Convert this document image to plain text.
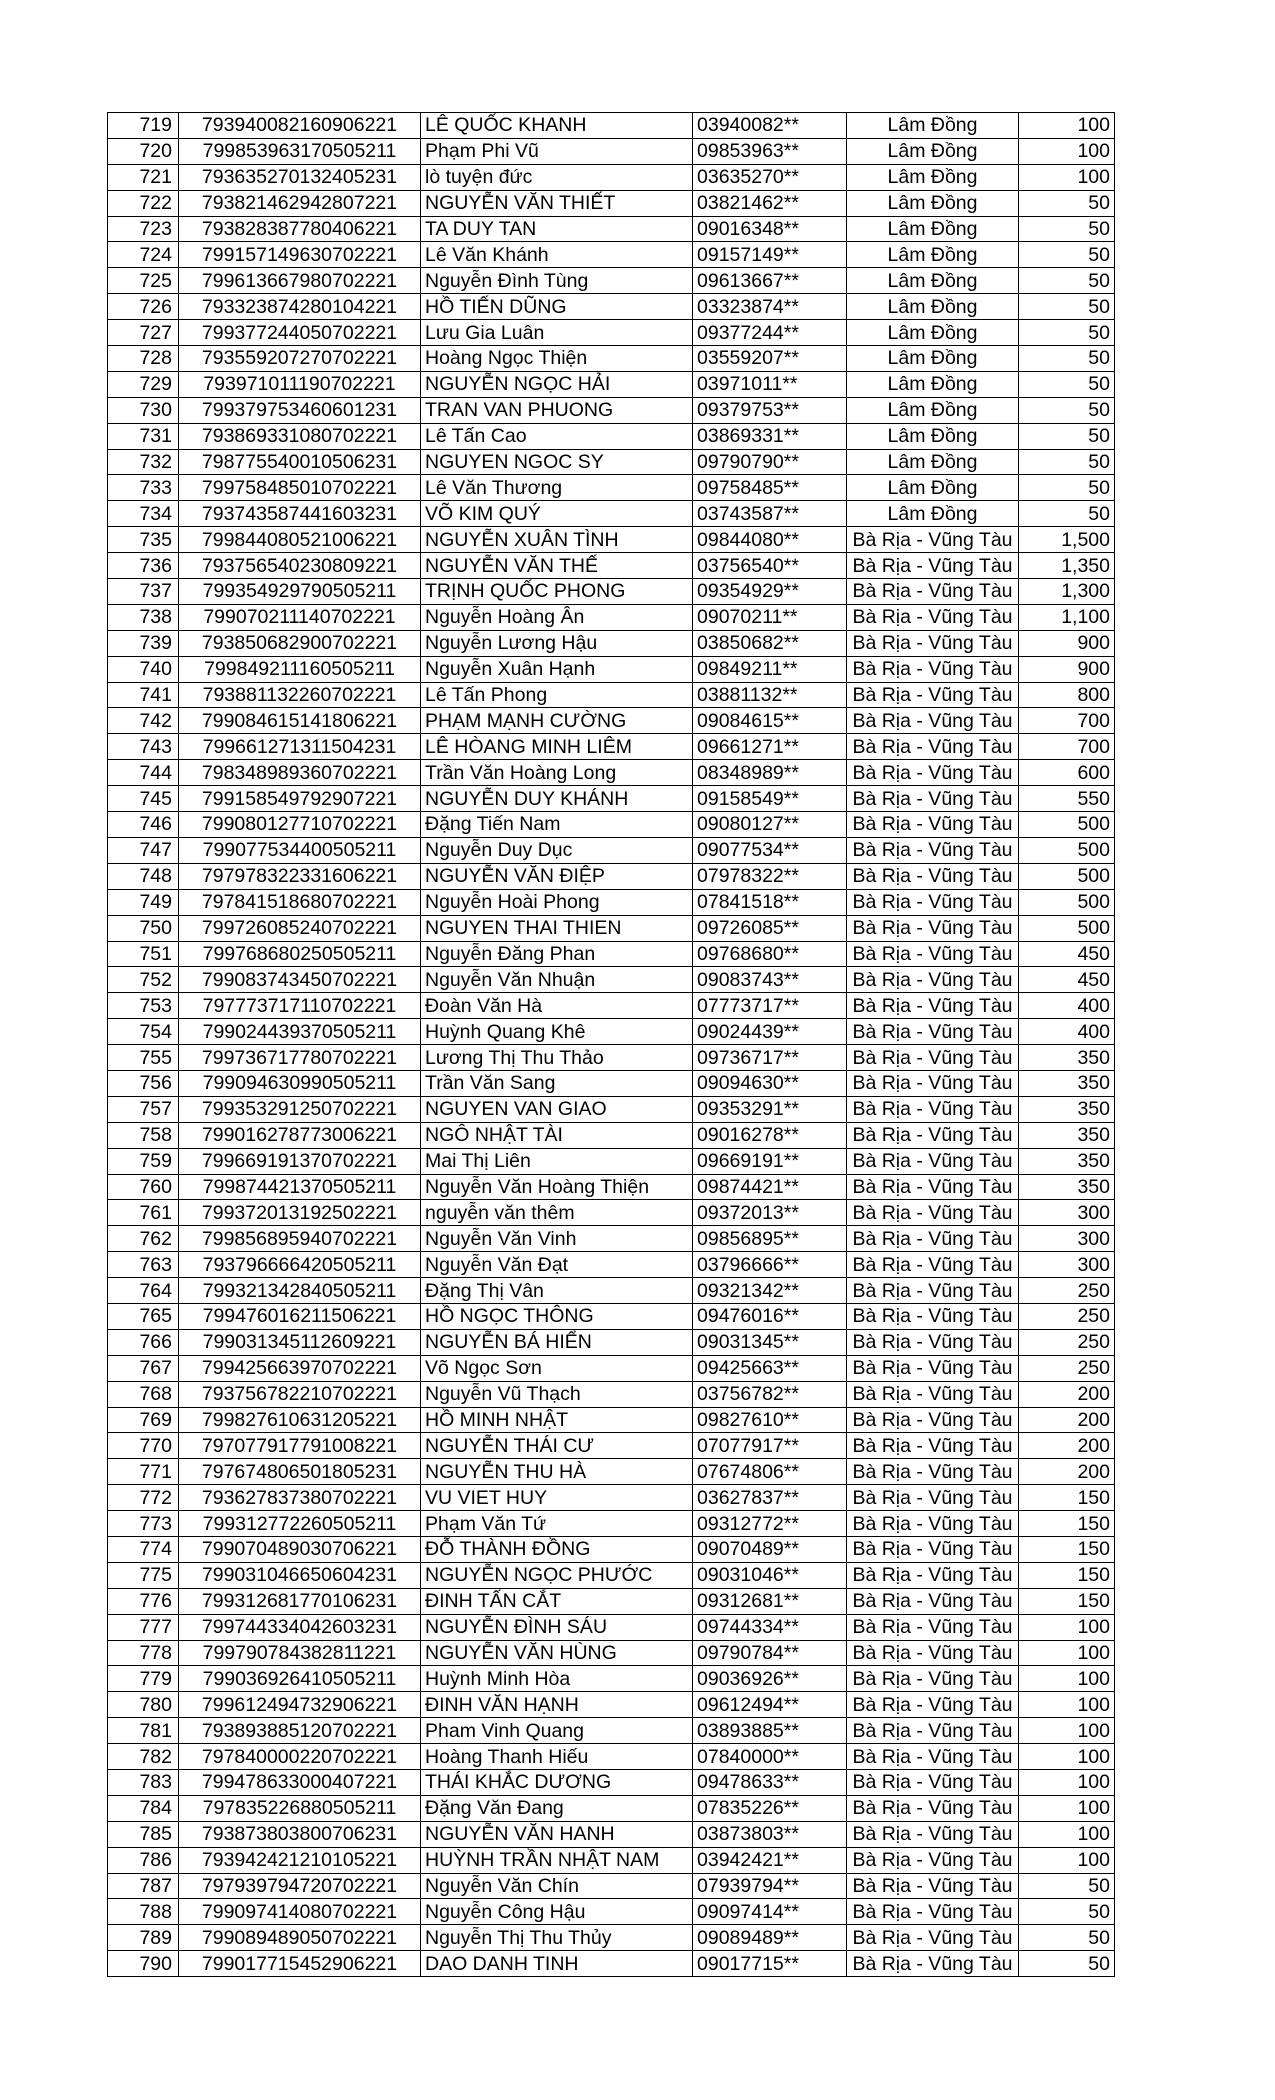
719	793940082160906221	LÊ QUỐC KHANH	03940082**	Lâm Đồng	100
720	799853963170505211	Phạm Phi Vũ	09853963**	Lâm Đồng	100
721	793635270132405231	lò tuyện đức	03635270**	Lâm Đồng	100
722	793821462942807221	NGUYỄN VĂN THIẾT	03821462**	Lâm Đồng	50
723	793828387780406221	TA DUY TAN	09016348**	Lâm Đồng	50
724	799157149630702221	Lê Văn Khánh	09157149**	Lâm Đồng	50
725	799613667980702221	Nguyễn Đình Tùng	09613667**	Lâm Đồng	50
726	793323874280104221	HỒ TIẾN DŨNG	03323874**	Lâm Đồng	50
727	799377244050702221	Lưu Gia Luân	09377244**	Lâm Đồng	50
728	793559207270702221	Hoàng Ngọc Thiện	03559207**	Lâm Đồng	50
729	793971011190702221	NGUYỄN NGỌC HẢI	03971011**	Lâm Đồng	50
730	799379753460601231	TRAN VAN PHUONG	09379753**	Lâm Đồng	50
731	793869331080702221	Lê Tấn Cao	03869331**	Lâm Đồng	50
732	798775540010506231	NGUYEN NGOC SY	09790790**	Lâm Đồng	50
733	799758485010702221	Lê Văn Thương	09758485**	Lâm Đồng	50
734	793743587441603231	VÕ KIM QUÝ	03743587**	Lâm Đồng	50
735	799844080521006221	NGUYỄN XUÂN TÌNH	09844080**	Bà Rịa - Vũng Tàu	1,500
736	793756540230809221	NGUYỄN VĂN THẾ	03756540**	Bà Rịa - Vũng Tàu	1,350
737	799354929790505211	TRỊNH QUỐC PHONG	09354929**	Bà Rịa - Vũng Tàu	1,300
738	799070211140702221	Nguyễn Hoàng Ân	09070211**	Bà Rịa - Vũng Tàu	1,100
739	793850682900702221	Nguyễn Lương Hậu	03850682**	Bà Rịa - Vũng Tàu	900
740	799849211160505211	Nguyễn Xuân Hạnh	09849211**	Bà Rịa - Vũng Tàu	900
741	793881132260702221	Lê Tấn Phong	03881132**	Bà Rịa - Vũng Tàu	800
742	799084615141806221	PHẠM MẠNH CƯỜNG	09084615**	Bà Rịa - Vũng Tàu	700
743	799661271311504231	LÊ HÒANG MINH LIÊM	09661271**	Bà Rịa - Vũng Tàu	700
744	798348989360702221	Trần Văn Hoàng Long	08348989**	Bà Rịa - Vũng Tàu	600
745	799158549792907221	NGUYỄN DUY KHÁNH	09158549**	Bà Rịa - Vũng Tàu	550
746	799080127710702221	Đặng Tiến Nam	09080127**	Bà Rịa - Vũng Tàu	500
747	799077534400505211	Nguyễn Duy Dục	09077534**	Bà Rịa - Vũng Tàu	500
748	797978322331606221	NGUYỄN VĂN ĐIỆP	07978322**	Bà Rịa - Vũng Tàu	500
749	797841518680702221	Nguyễn Hoài Phong	07841518**	Bà Rịa - Vũng Tàu	500
750	799726085240702221	NGUYEN THAI THIEN	09726085**	Bà Rịa - Vũng Tàu	500
751	799768680250505211	Nguyễn Đăng Phan	09768680**	Bà Rịa - Vũng Tàu	450
752	799083743450702221	Nguyễn Văn Nhuận	09083743**	Bà Rịa - Vũng Tàu	450
753	797773717110702221	Đoàn Văn Hà	07773717**	Bà Rịa - Vũng Tàu	400
754	799024439370505211	Huỳnh Quang Khê	09024439**	Bà Rịa - Vũng Tàu	400
755	799736717780702221	Lương Thị Thu Thảo	09736717**	Bà Rịa - Vũng Tàu	350
756	799094630990505211	Trần Văn Sang	09094630**	Bà Rịa - Vũng Tàu	350
757	799353291250702221	NGUYEN VAN GIAO	09353291**	Bà Rịa - Vũng Tàu	350
758	799016278773006221	NGÔ NHẬT TÀI	09016278**	Bà Rịa - Vũng Tàu	350
759	799669191370702221	Mai Thị Liên	09669191**	Bà Rịa - Vũng Tàu	350
760	799874421370505211	Nguyễn Văn Hoàng Thiện	09874421**	Bà Rịa - Vũng Tàu	350
761	799372013192502221	nguyễn văn thêm	09372013**	Bà Rịa - Vũng Tàu	300
762	799856895940702221	Nguyễn Văn Vinh	09856895**	Bà Rịa - Vũng Tàu	300
763	793796666420505211	Nguyễn Văn Đạt	03796666**	Bà Rịa - Vũng Tàu	300
764	799321342840505211	Đặng Thị Vân	09321342**	Bà Rịa - Vũng Tàu	250
765	799476016211506221	HỒ NGỌC THÔNG	09476016**	Bà Rịa - Vũng Tàu	250
766	799031345112609221	NGUYỄN BÁ HIỂN	09031345**	Bà Rịa - Vũng Tàu	250
767	799425663970702221	Võ Ngọc Sơn	09425663**	Bà Rịa - Vũng Tàu	250
768	793756782210702221	Nguyễn Vũ Thạch	03756782**	Bà Rịa - Vũng Tàu	200
769	799827610631205221	HỒ MINH NHẬT	09827610**	Bà Rịa - Vũng Tàu	200
770	797077917791008221	NGUYỄN THÁI CƯ	07077917**	Bà Rịa - Vũng Tàu	200
771	797674806501805231	NGUYỄN THU HÀ	07674806**	Bà Rịa - Vũng Tàu	200
772	793627837380702221	VU VIET HUY	03627837**	Bà Rịa - Vũng Tàu	150
773	799312772260505211	Phạm Văn Tứ	09312772**	Bà Rịa - Vũng Tàu	150
774	799070489030706221	ĐỖ THÀNH ĐỒNG	09070489**	Bà Rịa - Vũng Tàu	150
775	799031046650604231	NGUYỄN NGỌC PHƯỚC	09031046**	Bà Rịa - Vũng Tàu	150
776	799312681770106231	ĐINH TẤN CẮT	09312681**	Bà Rịa - Vũng Tàu	150
777	799744334042603231	NGUYỄN ĐÌNH SÁU	09744334**	Bà Rịa - Vũng Tàu	100
778	799790784382811221	NGUYỄN VĂN HÙNG	09790784**	Bà Rịa - Vũng Tàu	100
779	799036926410505211	Huỳnh Minh Hòa	09036926**	Bà Rịa - Vũng Tàu	100
780	799612494732906221	ĐINH VĂN HẠNH	09612494**	Bà Rịa - Vũng Tàu	100
781	793893885120702221	Pham Vinh Quang	03893885**	Bà Rịa - Vũng Tàu	100
782	797840000220702221	Hoàng Thanh Hiếu	07840000**	Bà Rịa - Vũng Tàu	100
783	799478633000407221	THÁI KHẮC DƯƠNG	09478633**	Bà Rịa - Vũng Tàu	100
784	797835226880505211	Đặng Văn Đang	07835226**	Bà Rịa - Vũng Tàu	100
785	793873803800706231	NGUYỄN VĂN HANH	03873803**	Bà Rịa - Vũng Tàu	100
786	793942421210105221	HUỲNH TRẦN NHẬT NAM	03942421**	Bà Rịa - Vũng Tàu	100
787	797939794720702221	Nguyễn Văn Chín	07939794**	Bà Rịa - Vũng Tàu	50
788	799097414080702221	Nguyễn Công Hậu	09097414**	Bà Rịa - Vũng Tàu	50
789	799089489050702221	Nguyễn Thị Thu Thủy	09089489**	Bà Rịa - Vũng Tàu	50
790	799017715452906221	DAO DANH TINH	09017715**	Bà Rịa - Vũng Tàu	50
